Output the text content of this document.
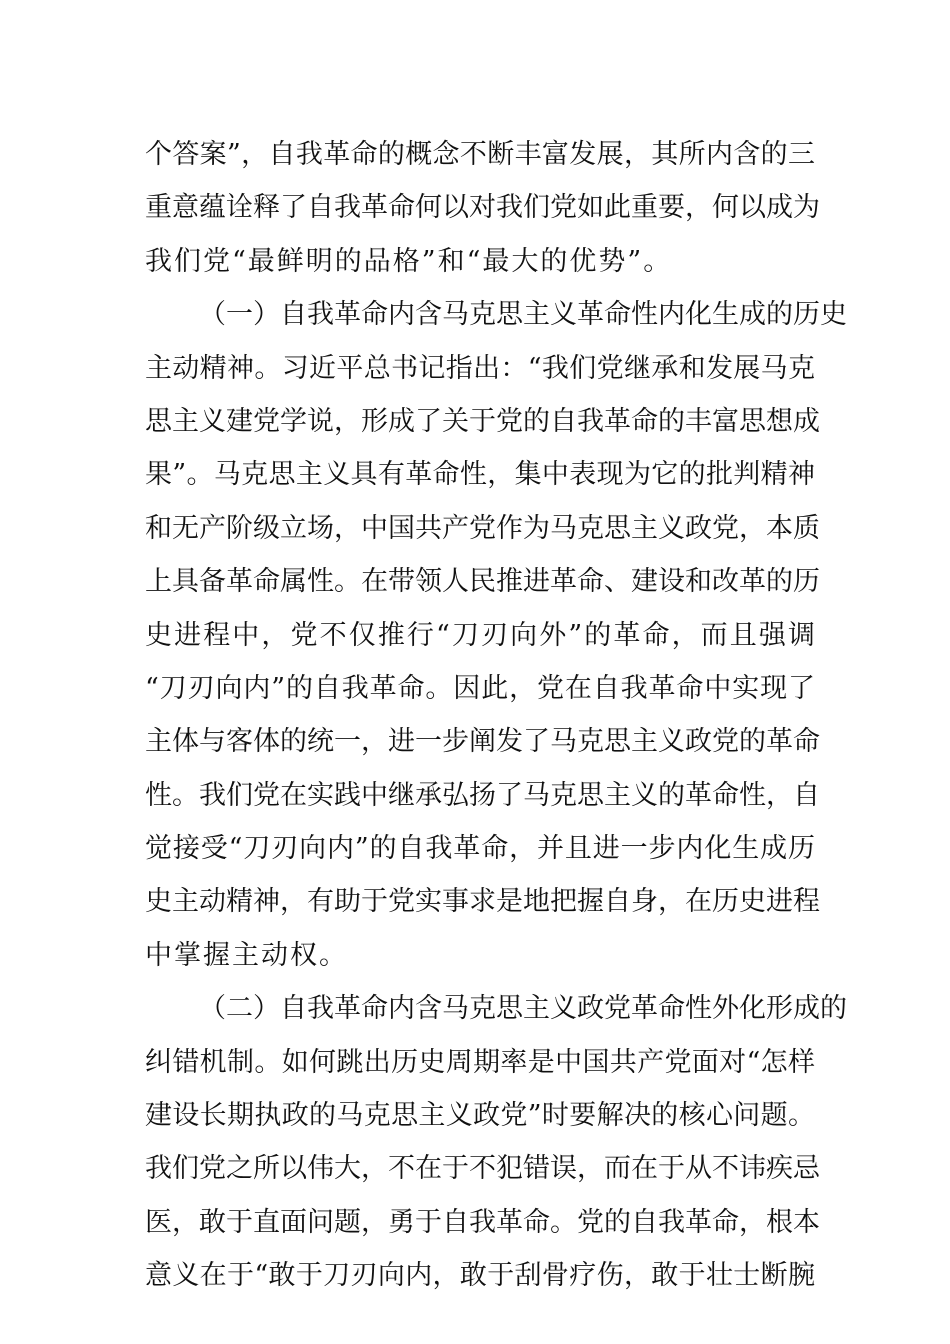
个答案”，自我革命的概念不断丰富发展，其所内含的三
重意蕴诠释了自我革命何以对我们党如此重要，何以成为
我们党“最鲜明的品格”和“最大的优势”。
（一）自我革命内含马克思主义革命性内化生成的历史
主动精神。习近平总书记指出：“我们党继承和发展马克
思主义建党学说，形成了关于党的自我革命的丰富思想成
果”。马克思主义具有革命性，集中表现为它的批判精神
和无产阶级立场，中国共产党作为马克思主义政党，本质
上具备革命属性。在带领人民推进革命、建设和改革的历
史进程中，党不仅推行“刀刃向外”的革命，而且强调
“刀刃向内”的自我革命。因此，党在自我革命中实现了
主体与客体的统一，进一步阐发了马克思主义政党的革命
性。我们党在实践中继承弘扬了马克思主义的革命性，自
觉接受“刀刃向内”的自我革命，并且进一步内化生成历
史主动精神，有助于党实事求是地把握自身，在历史进程
中掌握主动权。
（二）自我革命内含马克思主义政党革命性外化形成的
纠错机制。如何跳出历史周期率是中国共产党面对“怎样
建设长期执政的马克思主义政党”时要解决的核心问题。
我们党之所以伟大，不在于不犯错误，而在于从不讳疾忌
医，敢于直面问题，勇于自我革命。党的自我革命，根本
意义在于“敢于刀刃向内，敢于刮骨疗伤，敢于壮士断腕
